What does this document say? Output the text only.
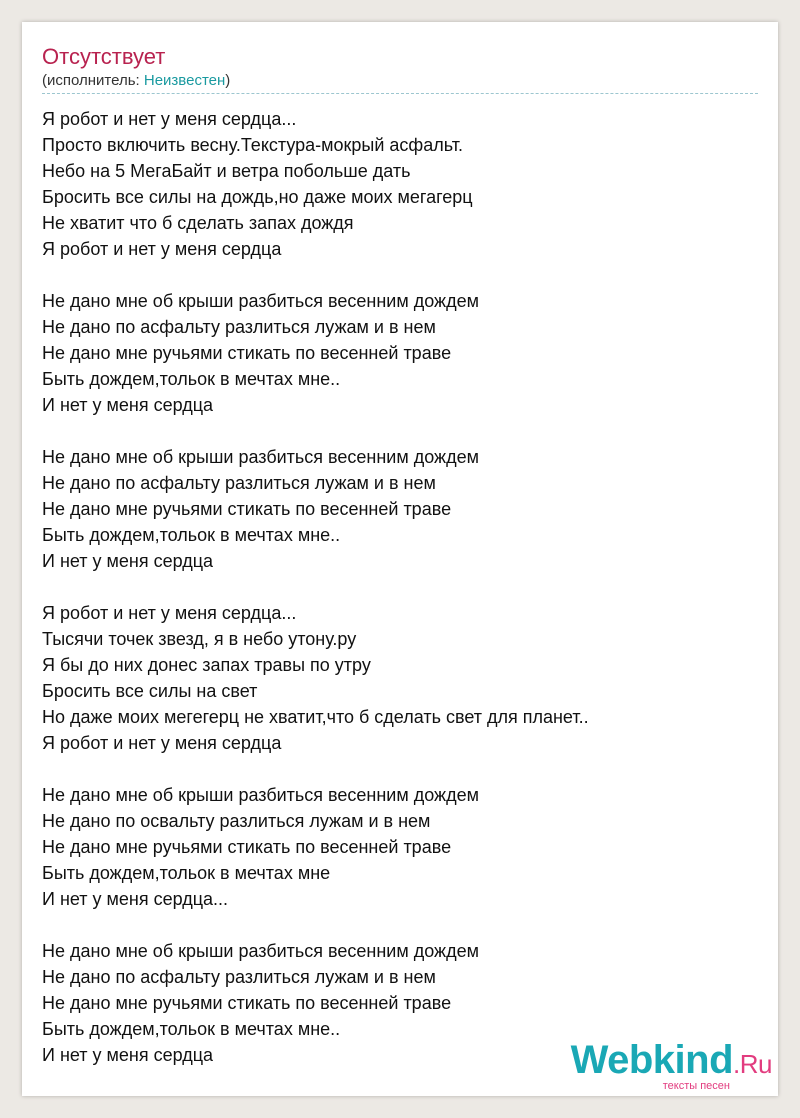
Отсутствует
(исполнитель: Неизвестен)
Я робот и нет у меня сердца...
Просто включить весну.Текстура-мокрый асфальт.
Небо на 5 МегаБайт и ветра побольше дать
Бросить все силы на дождь,но даже моих мегагерц
Не хватит что б сделать запах дождя
Я робот и нет у меня сердца
Не дано мне об крыши разбиться весенним дождем
Не дано по асфальту разлиться лужам и в нем
Не дано мне ручьями стикать по весенней траве
Быть дождем,тольок в мечтах мне..
И нет у меня сердца
Не дано мне об крыши разбиться весенним дождем
Не дано по асфальту разлиться лужам и в нем
Не дано мне ручьями стикать по весенней траве
Быть дождем,тольок в мечтах мне..
И нет у меня сердца
Я робот и нет у меня сердца...
Тысячи точек звезд, я в небо утону.ру
Я бы до них донес запах травы по утру
Бросить все силы на свет
Но даже моих мегегерц не хватит,что б сделать свет для планет..
Я робот и нет у меня сердца
Не дано мне об крыши разбиться весенним дождем
Не дано по освальту разлиться лужам и в нем
Не дано мне ручьями стикать по весенней траве
Быть дождем,тольок в мечтах мне
И нет у меня сердца...
Не дано мне об крыши разбиться весенним дождем
Не дано по асфальту разлиться лужам и в нем
Не дано мне ручьями стикать по весенней траве
Быть дождем,тольок в мечтах мне..
И нет у меня сердца	Webkind.Ru
тексты песен
